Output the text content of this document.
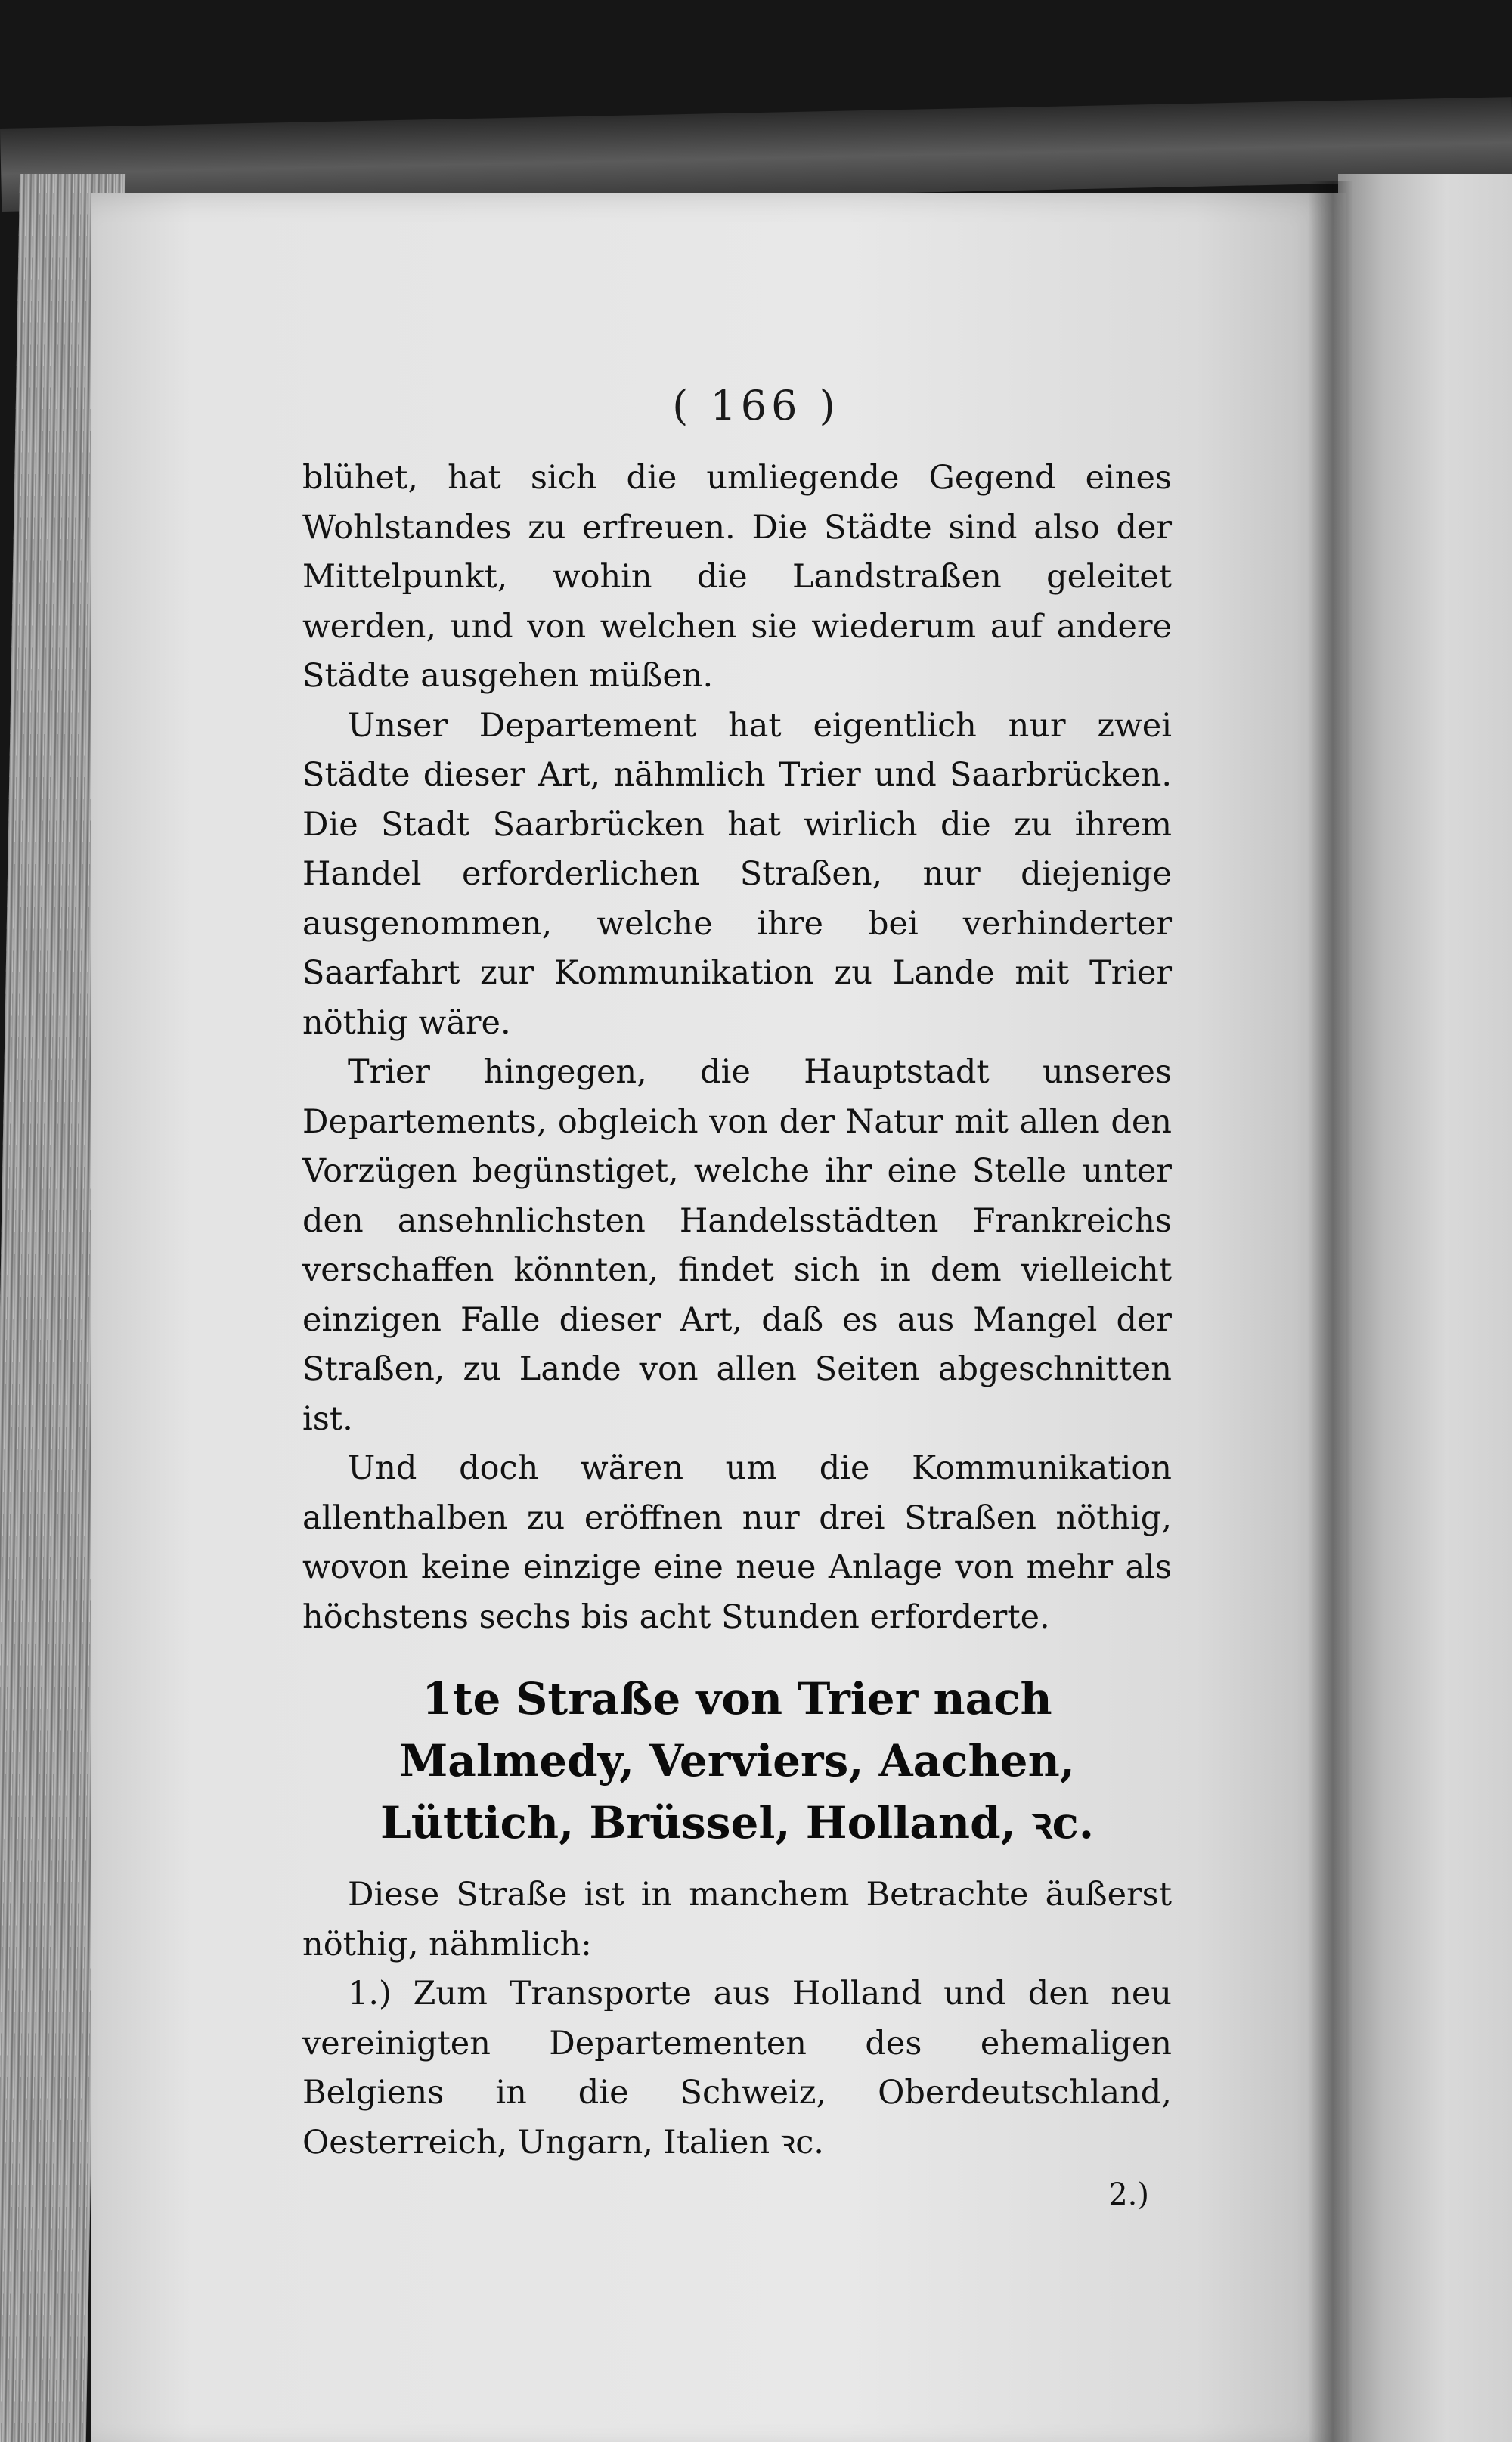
( 166 )

blühet, hat sich die umliegende Gegend eines Wohlstandes zu erfreuen. Die Städte sind also der Mittelpunkt, wohin die Landstraßen geleitet werden, und von welchen sie wiederum auf andere Städte ausgehen müßen.

Unser Departement hat eigentlich nur zwei Städte dieser Art, nähmlich Trier und Saarbrücken. Die Stadt Saarbrücken hat wirlich die zu ihrem Handel erforderlichen Straßen, nur diejenige ausgenommen, welche ihre bei verhinderter Saarfahrt zur Kommunikation zu Lande mit Trier nöthig wäre.

Trier hingegen, die Hauptstadt unseres Departements, obgleich von der Natur mit allen den Vorzügen begünstiget, welche ihr eine Stelle unter den ansehnlichsten Handelsstädten Frankreichs verschaffen könnten, findet sich in dem vielleicht einzigen Falle dieser Art, daß es aus Mangel der Straßen, zu Lande von allen Seiten abgeschnitten ist.

Und doch wären um die Kommunikation allenthalben zu eröffnen nur drei Straßen nöthig, wovon keine einzige eine neue Anlage von mehr als höchstens sechs bis acht Stunden erforderte.

1te Straße von Trier nach Malmedy, Verviers, Aachen, Lüttich, Brüssel, Holland, ꝛc.

Diese Straße ist in manchem Betrachte äußerst nöthig, nähmlich:

1.) Zum Transporte aus Holland und den neu vereinigten Departementen des ehemaligen Belgiens in die Schweiz, Oberdeutschland, Oesterreich, Ungarn, Italien ꝛc.

2.)
